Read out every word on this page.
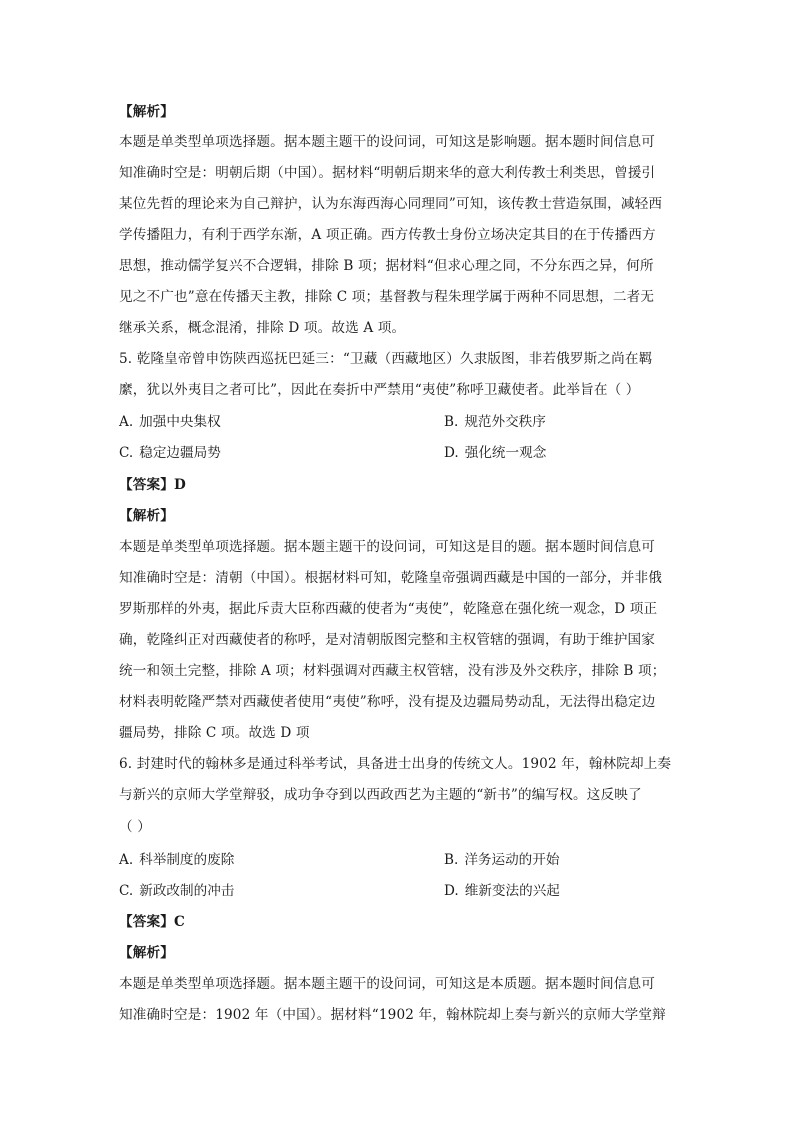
【解析】
本题是单类型单项选择题。据本题主题干的设问词，可知这是影响题。据本题时间信息可
知准确时空是：明朝后期（中国）。据材料“明朝后期来华的意大利传教士利类思，曾援引
某位先哲的理论来为自己辩护，认为东海西海心同理同”可知，该传教士营造氛围，减轻西
学传播阻力，有利于西学东渐，A 项正确。西方传教士身份立场决定其目的在于传播西方
思想，推动儒学复兴不合逻辑，排除 B 项；据材料“但求心理之同，不分东西之异，何所
见之不广也”意在传播天主教，排除 C 项；基督教与程朱理学属于两种不同思想，二者无
继承关系，概念混淆，排除 D 项。故选 A 项。
5. 乾隆皇帝曾申饬陕西巡抚巴延三：“卫藏（西藏地区）久隶版图，非若俄罗斯之尚在羁
縻，犹以外夷目之者可比”，因此在奏折中严禁用“夷使”称呼卫藏使者。此举旨在（ ）
A. 加强中央集权	B. 规范外交秩序
C. 稳定边疆局势	D. 强化统一观念
【答案】D
【解析】
本题是单类型单项选择题。据本题主题干的设问词，可知这是目的题。据本题时间信息可
知准确时空是：清朝（中国）。根据材料可知，乾隆皇帝强调西藏是中国的一部分，并非俄
罗斯那样的外夷，据此斥责大臣称西藏的使者为“夷使”，乾隆意在强化统一观念，D 项正
确，乾隆纠正对西藏使者的称呼，是对清朝版图完整和主权管辖的强调，有助于维护国家
统一和领土完整，排除 A 项；材料强调对西藏主权管辖，没有涉及外交秩序，排除 B 项；
材料表明乾隆严禁对西藏使者使用“夷使”称呼，没有提及边疆局势动乱，无法得出稳定边
疆局势，排除 C 项。故选 D 项
6. 封建时代的翰林多是通过科举考试，具备进士出身的传统文人。1902 年，翰林院却上奏
与新兴的京师大学堂辩驳，成功争夺到以西政西艺为主题的“新书”的编写权。这反映了
（ ）
A. 科举制度的废除	B. 洋务运动的开始
C. 新政改制的冲击	D. 维新变法的兴起
【答案】C
【解析】
本题是单类型单项选择题。据本题主题干的设问词，可知这是本质题。据本题时间信息可
知准确时空是：1902 年（中国）。据材料“1902 年，翰林院却上奏与新兴的京师大学堂辩
